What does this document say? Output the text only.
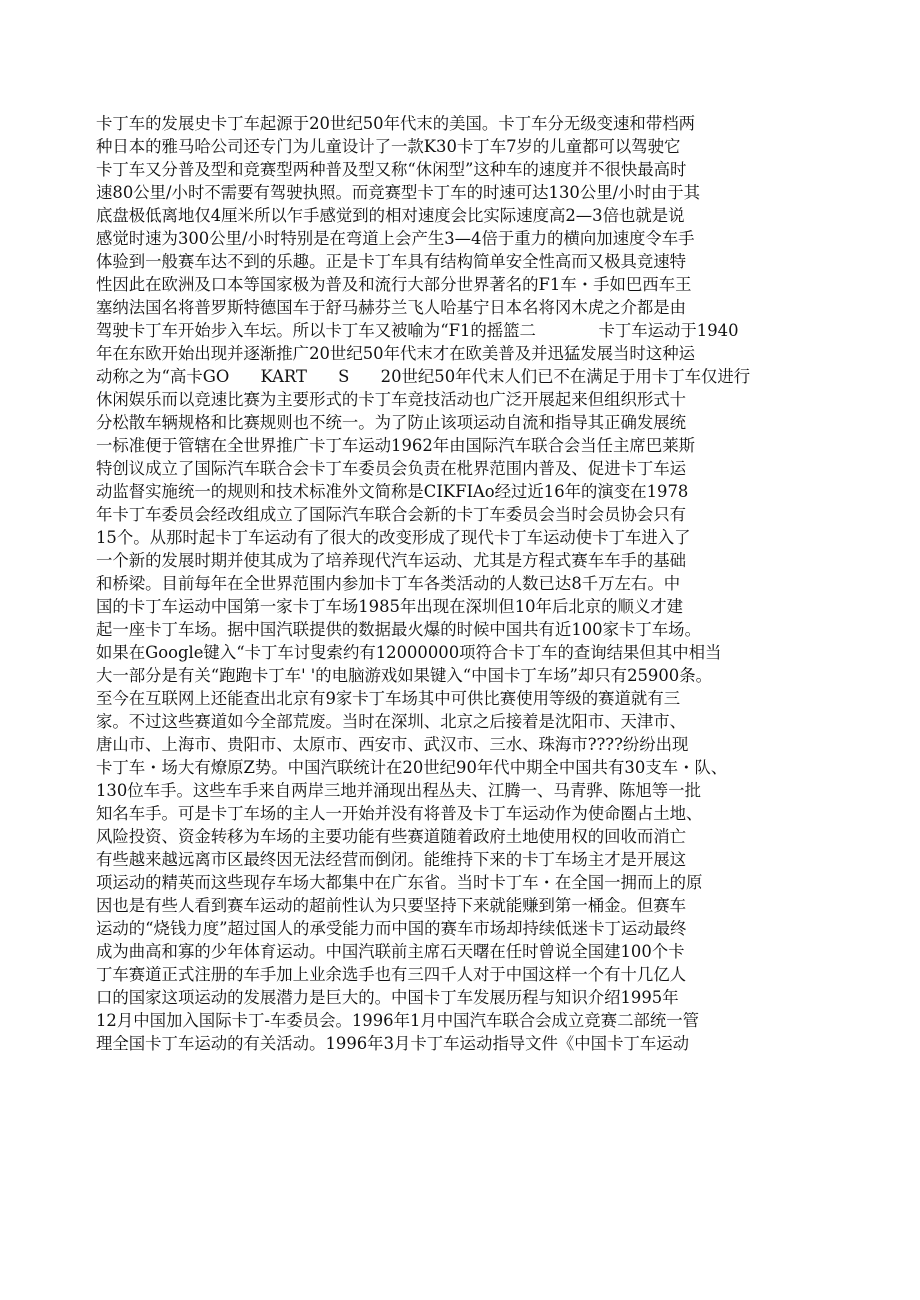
卡丁车的发展史卡丁车起源于20世纪50年代末的美国。卡丁车分无级变速和带档两
种日本的雅马哈公司还专门为儿童设计了一款K30卡丁车7岁的儿童都可以驾驶它
卡丁车又分普及型和竞赛型两种普及型又称“休闲型”这种车的速度并不很快最高时
速80公里/小时不需要有驾驶执照。而竞赛型卡丁车的时速可达130公里/小时由于其
底盘极低离地仅4厘米所以乍手感觉到的相对速度会比实际速度高2—3倍也就是说
感觉时速为300公里/小时特别是在弯道上会产生3—4倍于重力的横向加速度令车手
体验到一般赛车达不到的乐趣。正是卡丁车具有结构简单安全性高而又极具竞速特
性因此在欧洲及口本等国家极为普及和流行大部分世界著名的F1车・手如巴西车王
塞纳法国名将普罗斯特德国车于舒马赫芬兰飞人哈基宁日本名将冈木虎之介都是由
驾驶卡丁车开始步入车坛。所以卡丁车又被喻为“F1的摇篮二            卡丁车运动于1940
年在东欧开始出现并逐渐推广20世纪50年代末才在欧美普及并迅猛发展当时这种运
动称之为“高卡GO      KART      S      20世纪50年代末人们已不在满足于用卡丁车仅进行
休闲娱乐而以竞速比赛为主要形式的卡丁车竞技活动也广泛开展起来但组织形式十
分松散车辆规格和比赛规则也不统一。为了防止该项运动自流和指导其正确发展统
一标准便于管辖在全世界推广卡丁车运动1962年由国际汽车联合会当任主席巴莱斯
特创议成立了国际汽车联合会卡丁车委员会负责在枇界范围内普及、促进卡丁车运
动监督实施统一的规则和技术标准外文简称是CIKFIAo经过近16年的演变在1978
年卡丁车委员会经改组成立了国际汽车联合会新的卡丁车委员会当时会员协会只有
15个。从那时起卡丁车运动有了很大的改变形成了现代卡丁车运动使卡丁车进入了
一个新的发展时期并使其成为了培养现代汽车运动、尤其是方程式赛车车手的基础
和桥梁。目前每年在全世界范围内参加卡丁车各类活动的人数已达8千万左右。中
国的卡丁车运动中国第一家卡丁车场1985年出现在深圳但10年后北京的顺义才建
起一座卡丁车场。据中国汽联提供的数据最火爆的时候中国共有近100家卡丁车场。
如果在Google键入“卡丁车讨叟索约有12000000项符合卡丁车的查询结果但其中相当
大一部分是有关“跑跑卡丁车' '的电脑游戏如果键入“中国卡丁车场”却只有25900条。
至今在互联网上还能查出北京有9家卡丁车场其中可供比赛使用等级的赛道就有三
家。不过这些赛道如今全部荒废。当时在深圳、北京之后接着是沈阳市、天津市、
唐山市、上海市、贵阳市、太原市、西安市、武汉市、三水、珠海市????纷纷出现
卡丁车・场大有燎原Z势。中国汽联统计在20世纪90年代中期全中国共有30支车・队、
130位车手。这些车手来自两岸三地并涌现出程丛夫、江腾一、马青骅、陈旭等一批
知名车手。可是卡丁车场的主人一开始并没有将普及卡丁车运动作为使命圈占土地、
风险投资、资金转移为车场的主要功能有些赛道随着政府土地使用权的回收而消亡
有些越来越远离市区最终因无法经营而倒闭。能维持下来的卡丁车场主才是开展这
项运动的精英而这些现存车场大都集中在广东省。当时卡丁车・在全国一拥而上的原
因也是有些人看到赛车运动的超前性认为只要坚持下来就能赚到第一桶金。但赛车
运动的“烧钱力度”超过国人的承受能力而中国的赛车市场却持续低迷卡丁运动最终
成为曲高和寡的少年体育运动。中国汽联前主席石天曙在任时曾说全国建100个卡
丁车赛道正式注册的车手加上业余选手也有三四千人对于中国这样一个有十几亿人
口的国家这项运动的发展潜力是巨大的。中国卡丁车发展历程与知识介绍1995年
12月中国加入国际卡丁-车委员会。1996年1月中国汽车联合会成立竞赛二部统一管
理全国卡丁车运动的有关活动。1996年3月卡丁车运动指导文件《中国卡丁车运动
